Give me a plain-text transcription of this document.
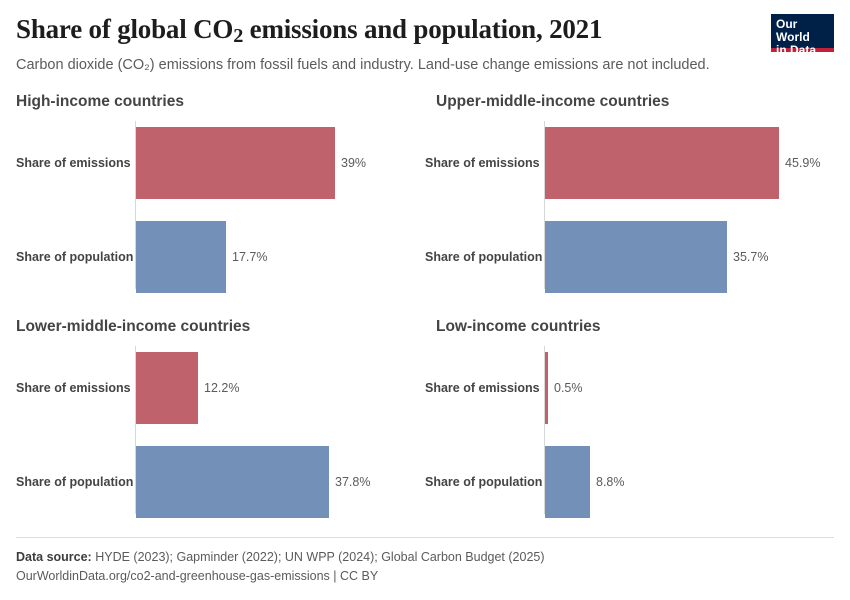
Share of global $CO_2$ emissions and population, 2021
Carbon dioxide (CO₂) emissions from fossil fuels and industry. Land-use change emissions are not included.
Our World
in Data
High-income countries
Share of emissions	39%
Share of population	17.7%
Upper-middle-income countries
Share of emissions	45.9%
Share of population	35.7%
Lower-middle-income countries
Share of emissions	12.2%
Share of population	37.8%
Low-income countries
Share of emissions 0.5%
Share of population	8.8%
Data source: HYDE (2023); Gapminder (2022); UN WPP (2024); Global Carbon Budget (2025)
OurWorldinData.org/co2-and-greenhouse-gas-emissions | CC BY
